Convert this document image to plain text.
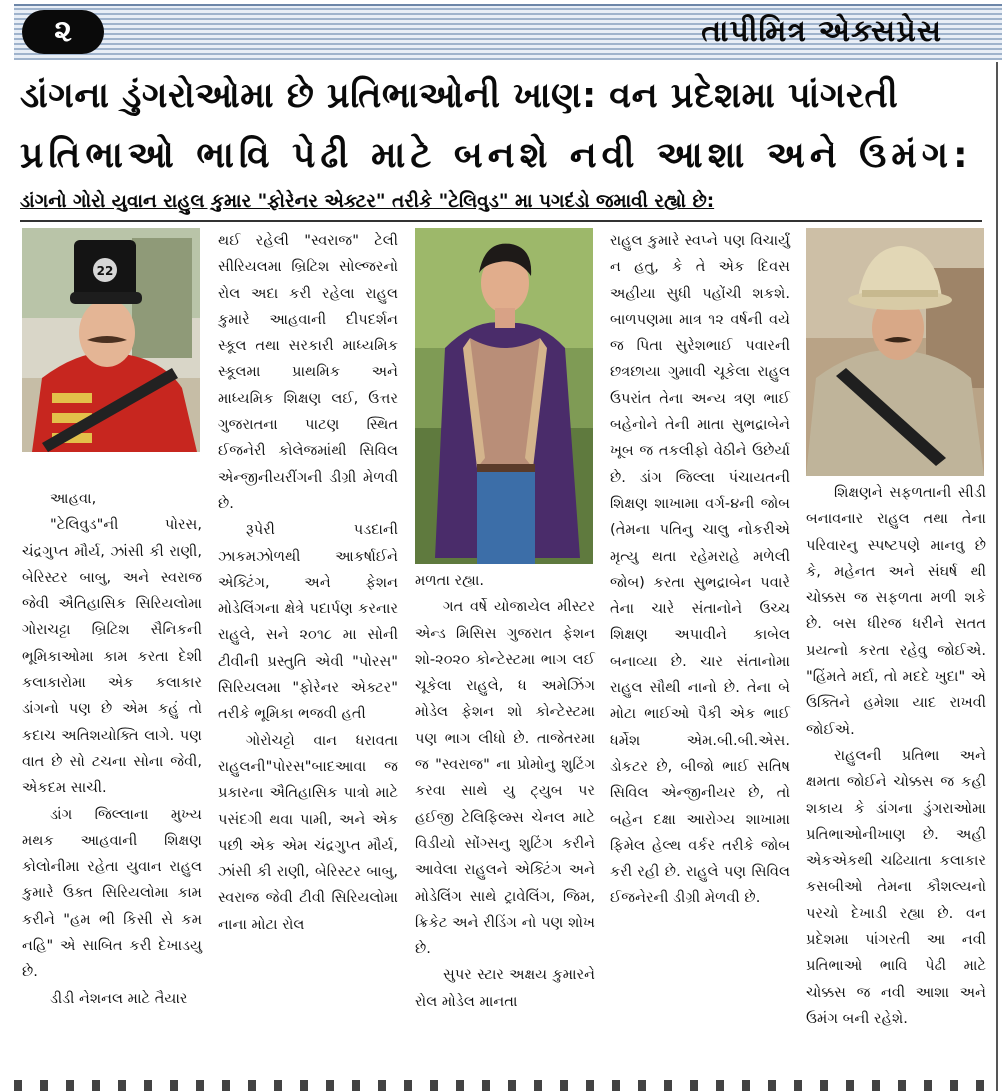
૨	તાપીમિત્ર એક્સપ્રેસ
ડાંગના ડુંગરોઓમા છે પ્રતિભાઓની ખાણ: વન પ્રદેશમા પાંગરતી
પ્રતિભાઓ ભાવિ પેઢી માટે બનશે નવી આશા અને ઉમંગ:
ડાંગનો ગોરો યુવાન રાહુલ કુમાર "ફોરેનર એક્ટર" તરીકે "ટેલિવુડ" મા પગદંડો જમાવી રહ્યો છે:
22

આહવા,

"ટેલિવુડ"ની પોરસ, ચંદ્રગુપ્ત મૌર્ય, ઝાંસી કી રાણી, બેરિસ્ટર બાબુ, અને સ્વરાજ જેવી ઐતિહાસિક સિરિયલોમા ગોરાચટ્ટા બ્રિટિશ સૈનિકની ભૂમિકાઓમા કામ કરતા દેશી કલાકારોમા એક કલાકાર ડાંગનો પણ છે એમ કહું તો કદાચ અતિશયોક્તિ લાગે. પણ વાત છે સો ટચના સોના જેવી, એકદમ સાચી.

ડાંગ જિલ્લાના મુખ્ય મથક આહવાની શિક્ષણ કોલોનીમા રહેતા યુવાન રાહુલ કુમારે ઉક્ત સિરિયલોમા કામ કરીને "હમ ભી કિસી સે કમ નહિ" એ સાબિત કરી દેખાડયુ છે.

ડીડી નેશનલ માટે તૈયાર

થઈ રહેલી "સ્વરાજ" ટેલી સીરિયલમા બ્રિટિશ સોલ્જરનો રોલ અદા કરી રહેલા રાહુલ કુમારે આહવાની દીપદર્શન સ્કૂલ તથા સરકારી માધ્યમિક સ્કૂલમા પ્રાથમિક અને માધ્યમિક શિક્ષણ લઈ, ઉત્તર ગુજરાતના પાટણ સ્થિત ઈજનેરી કોલેજમાંથી સિવિલ એન્જીનીયરીંગની ડીગ્રી મેળવી છે.

રૂપેરી પડદાની ઝાકમઝોળથી આકર્ષાઈને એક્ટિંગ, અને ફેશન મોડેલિંગના ક્ષેત્રે પદાર્પણ કરનાર રાહુલે, સને ૨૦૧૮ મા સોની ટીવીની પ્રસ્તુતિ એવી "પોરસ" સિરિયલમા "ફોરેનર એક્ટર" તરીકે ભૂમિકા ભજવી હતી

ગોરોચટ્ટો વાન ધરાવતા રાહુલની"પોરસ"બાદઆવા જ પ્રકારના ઐતિહાસિક પાત્રો માટે પસંદગી થવા પામી, અને એક પછી એક એમ ચંદ્રગુપ્ત મૌર્ય, ઝાંસી કી રાણી, બેરિસ્ટર બાબુ, સ્વરાજ જેવી ટીવી સિરિયલોમા નાના મોટા રોલ

મળતા રહ્યા.

ગત વર્ષે યોજાયેલ મીસ્ટર એન્ડ મિસિસ ગુજરાત ફેશન શો-૨૦૨૦ કોન્ટેસ્ટમા ભાગ લઈ ચૂકેલા રાહુલે, ધ અમેઝિંગ મોડેલ ફેશન શો કોન્ટેસ્ટમા પણ ભાગ લીધો છે. તાજેતરમા જ "સ્વરાજ" ના પ્રોમોનુ શુટિંગ કરવા સાથે યુ ટ્યુબ પર હઈજી ટેલિફિલ્મ્સ ચેનલ માટે વિડીયો સોંગ્સનુ શુટિંગ કરીને આવેલા રાહુલને એક્ટિંગ અને મોડેલિંગ સાથે ટ્રાવેલિંગ, જિમ, ક્રિકેટ અને રીડિંગ નો પણ શોખ છે.

સુપર સ્ટાર અક્ષય કુમારને રોલ મોડેલ માનતા

રાહુલ કુમારે સ્વપ્ને પણ વિચાર્યું ન હતુ, કે તે એક દિવસ અહીયા સુધી પહોંચી શકશે. બાળપણમા માત્ર ૧૨ વર્ષની વયે જ પિતા સુરેશભાઈ પવારની છત્રછાયા ગુમાવી ચૂકેલા રાહુલ ઉપરાંત તેના અન્ય ત્રણ ભાઈ બહેનોને તેની માતા સુભદ્રાબેને ખૂબ જ તકલીફો વેઠીને ઉછેર્યા છે. ડાંગ જિલ્લા પંચાયતની શિક્ષણ શાખામા વર્ગ-૪ની જોબ (તેમના પતિનુ ચાલુ નોકરીએ મૃત્યુ થતા રહેમરાહે મળેલી જોબ) કરતા સુભદ્રાબેન પવારે તેના ચારે સંતાનોને ઉચ્ચ શિક્ષણ અપાવીને કાબેલ બનાવ્યા છે. ચાર સંતાનોમા રાહુલ સૌથી નાનો છે. તેના બે મોટા ભાઈઓ પૈકી એક ભાઈ ધર્મેશ એમ.બી.બી.એસ. ડોકટર છે, બીજો ભાઈ સતિષ સિવિલ એન્જીનીયર છે, તો બહેન દક્ષા આરોગ્ય શાખામા ફિમેલ હેલ્થ વર્કર તરીકે જોબ કરી રહી છે. રાહુલે પણ સિવિલ ઈજનેરની ડીગ્રી મેળવી છે.

શિક્ષણને સફળતાની સીડી બનાવનાર રાહુલ તથા તેના પરિવારનુ સ્પષ્ટપણે માનવુ છે કે, મહેનત અને સંઘર્ષ થી ચોક્કસ જ સફળતા મળી શકે છે. બસ ધીરજ ધરીને સતત પ્રયત્નો કરતા રહેવુ જોઈએ. "હિંમતે મર્દા, તો મદદે ખુદા" એ ઉક્તિને હમેશા યાદ રાખવી જોઈએ.

રાહુલની પ્રતિભા અને ક્ષમતા જોઈને ચોક્કસ જ કહી શકાય કે ડાંગના ડુંગરાઓમા પ્રતિભાઓનીખાણ છે. અહી એકએકથી ચઢિયાતા કલાકાર કસબીઓ તેમના કૌશલ્યનો પરચો દેખાડી રહ્યા છે. વન પ્રદેશમા પાંગરતી આ નવી પ્રતિભાઓ ભાવિ પેઢી માટે ચોક્કસ જ નવી આશા અને ઉમંગ બની રહેશે.
